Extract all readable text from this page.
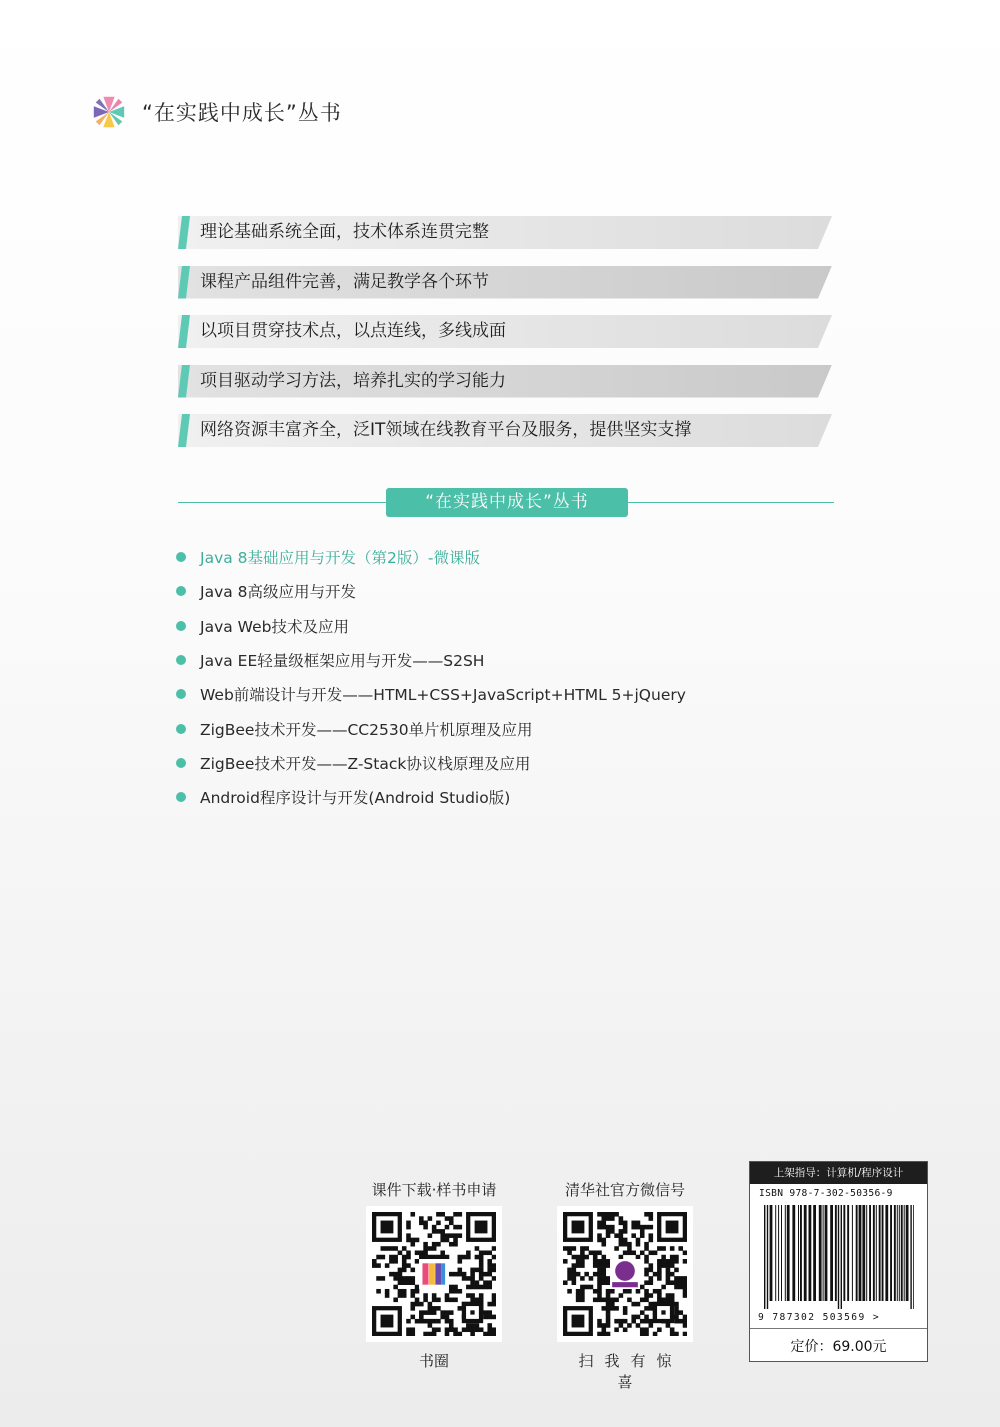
“在实践中成长”丛书
理论基础系统全面，技术体系连贯完整
课程产品组件完善，满足教学各个环节
以项目贯穿技术点，以点连线，多线成面
项目驱动学习方法，培养扎实的学习能力
网络资源丰富齐全，泛IT领域在线教育平台及服务，提供坚实支撑
“在实践中成长”丛书
Java 8基础应用与开发（第2版）-微课版
Java 8高级应用与开发
Java Web技术及应用
Java EE轻量级框架应用与开发——S2SH
Web前端设计与开发——HTML+CSS+JavaScript+HTML 5+jQuery
ZigBee技术开发——CC2530单片机原理及应用
ZigBee技术开发——Z-Stack协议栈原理及应用
Android程序设计与开发(Android Studio版)
课件下载·样书申请
书圈
清华社官方微信号
扫我有惊喜
上架指导：计算机/程序设计
ISBN 978-7-302-50356-9
9 787302 503569 >
定价：69.00元
